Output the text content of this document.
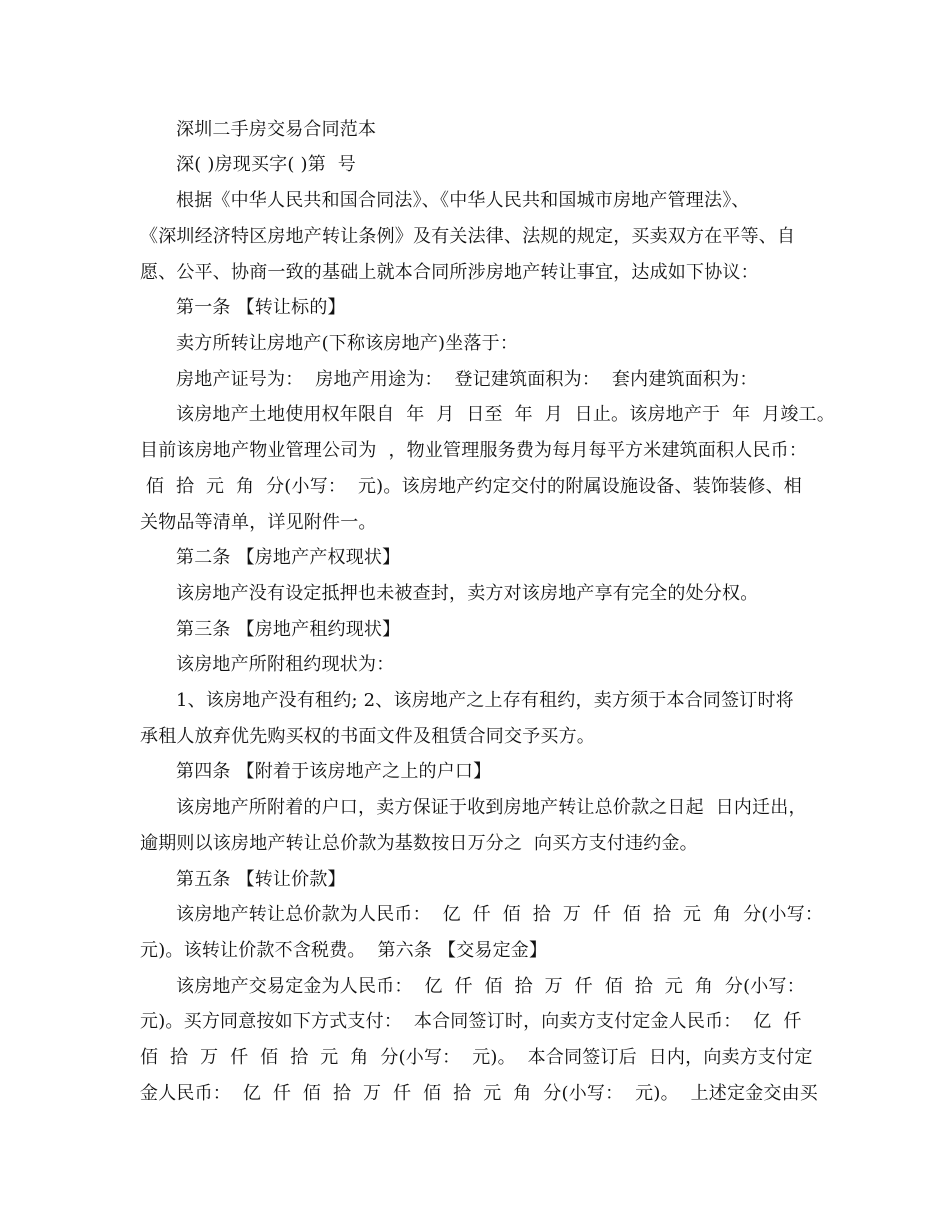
深圳二手房交易合同范本
深( )房现买字( )第  号
根据《中华人民共和国合同法》、《中华人民共和国城市房地产管理法》、
《深圳经济特区房地产转让条例》及有关法律、法规的规定，买卖双方在平等、自
愿、公平、协商一致的基础上就本合同所涉房地产转让事宜，达成如下协议：
第一条 【转让标的】
卖方所转让房地产(下称该房地产)坐落于：
房地产证号为：  房地产用途为：  登记建筑面积为：  套内建筑面积为：
该房地产土地使用权年限自  年  月  日至  年  月  日止。该房地产于  年  月竣工。
目前该房地产物业管理公司为  ，物业管理服务费为每月每平方米建筑面积人民币：
佰  拾  元  角  分(小写：  元)。该房地产约定交付的附属设施设备、装饰装修、相
关物品等清单，详见附件一。
第二条 【房地产产权现状】
该房地产没有设定抵押也未被查封，卖方对该房地产享有完全的处分权。
第三条 【房地产租约现状】
该房地产所附租约现状为：
1、该房地产没有租约; 2、该房地产之上存有租约，卖方须于本合同签订时将
承租人放弃优先购买权的书面文件及租赁合同交予买方。
第四条 【附着于该房地产之上的户口】
该房地产所附着的户口，卖方保证于收到房地产转让总价款之日起  日内迁出，
逾期则以该房地产转让总价款为基数按日万分之  向买方支付违约金。
第五条 【转让价款】
该房地产转让总价款为人民币：  亿  仟  佰  拾  万  仟  佰  拾  元  角  分(小写：
元)。该转让价款不含税费。  第六条 【交易定金】
该房地产交易定金为人民币：  亿  仟  佰  拾  万  仟  佰  拾  元  角  分(小写：
元)。买方同意按如下方式支付：  本合同签订时，向卖方支付定金人民币：  亿  仟
佰  拾  万  仟  佰  拾  元  角  分(小写：  元)。  本合同签订后  日内，向卖方支付定
金人民币：  亿  仟  佰  拾  万  仟  佰  拾  元  角  分(小写：  元)。  上述定金交由买
